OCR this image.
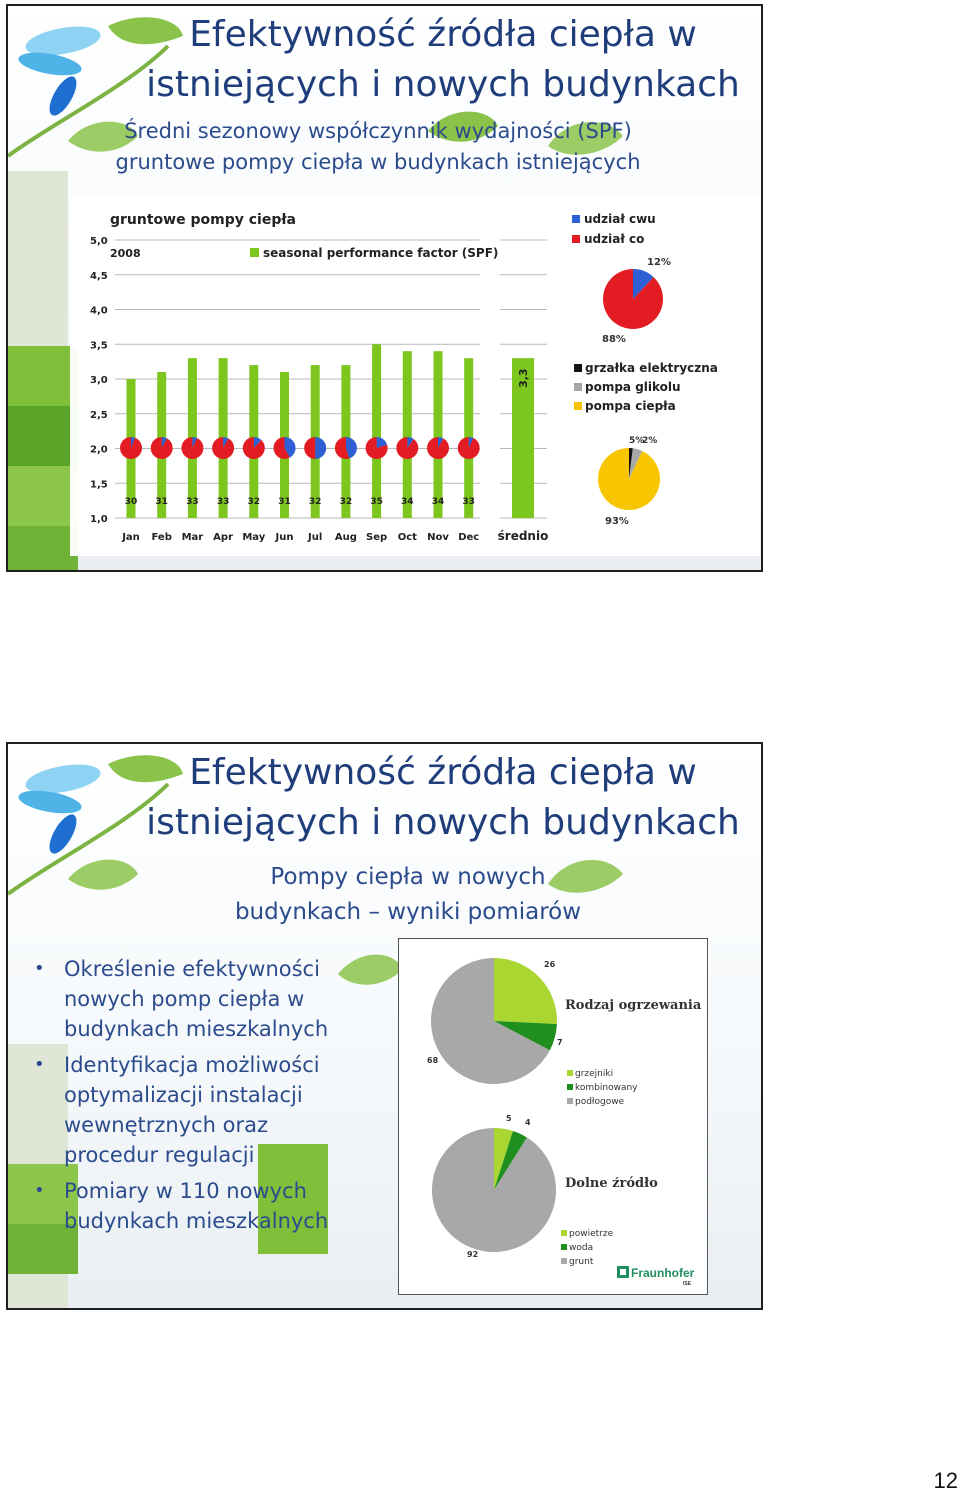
Efektywność źródła ciepła w istniejących i nowych budynkach

Średni sezonowy współczynnik wydajności (SPF)

gruntowe pompy ciepła w budynkach istniejących

gruntowe pompy ciepła
2008	seasonal performance factor (SPF)
1,0
1,5
2,0
2,5
3,0
3,5
4,0
4,5
5,0
30 31 33 33 32 31 32 32 35 34 34 33
3,3
Jan Feb Mar Apr May Jun Jul Aug Sep Oct Nov Dec średnio
udział cwu
udział co
12%
88%
grzałka elektryczna
pompa glikolu
pompa ciepła
5%
2%
93%
Efektywność źródła ciepła w istniejących i nowych budynkach

Pompy ciepła w nowych

budynkach – wyniki pomiarów

• Określenie efektywności nowych pomp ciepła w budynkach mieszkalnych
• Identyfikacja możliwości optymalizacji instalacji wewnętrznych oraz procedur regulacji
• Pomiary w 110 nowych budynkach mieszkalnych
26
7
68
Rodzaj ogrzewania
grzejniki
kombinowany
podłogowe
5 4
92
Dolne źródło
powietrze
woda
grunt
Fraunhofer
ISE
12
